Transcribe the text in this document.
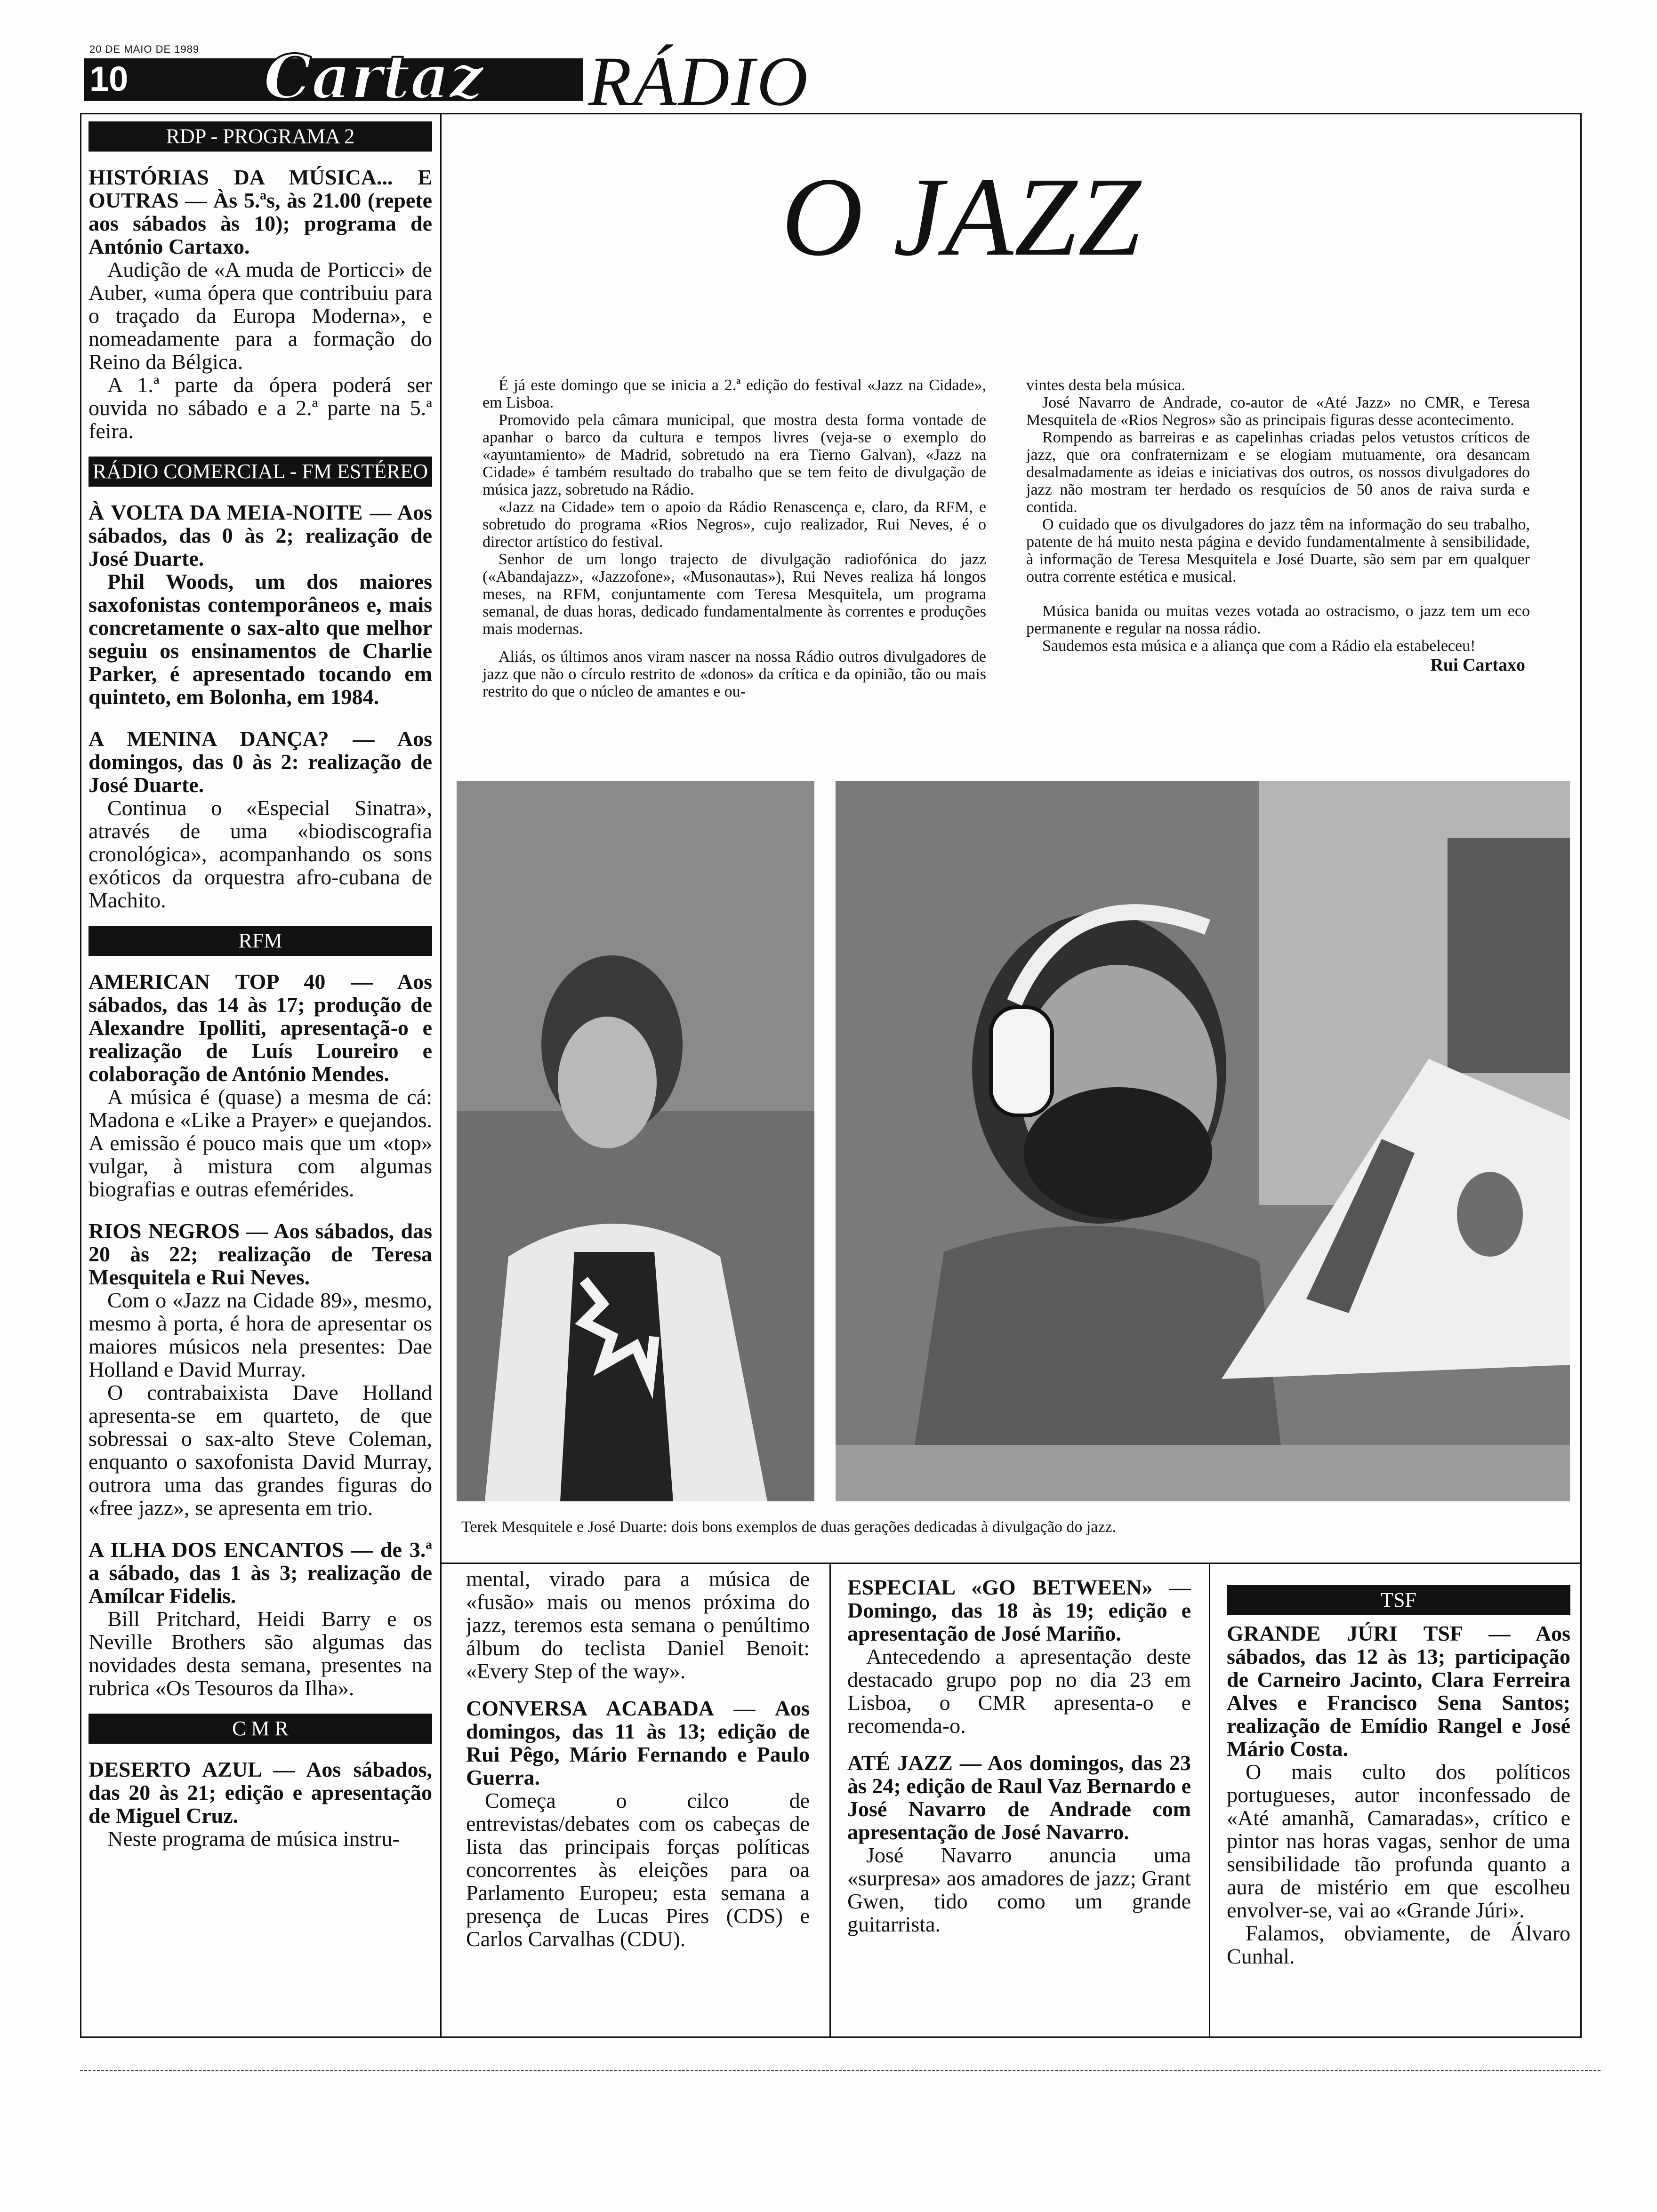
20 DE MAIO DE 1989
10 Cartaz RÁDIO
RDP - PROGRAMA 2

HISTÓRIAS DA MÚSICA... E OUTRAS — Às 5.ªs, às 21.00 (repete aos sábados às 10); programa de António Cartaxo.

Audição de «A muda de Porticci» de Auber, «uma ópera que contribuiu para o traçado da Europa Moderna», e nomeadamente para a formação do Reino da Bélgica.

A 1.ª parte da ópera poderá ser ouvida no sábado e a 2.ª parte na 5.ª feira.

RÁDIO COMERCIAL - FM ESTÉREO

À VOLTA DA MEIA-NOITE — Aos sábados, das 0 às 2; realização de José Duarte.

Phil Woods, um dos maiores saxofonistas contemporâneos e, mais concretamente o sax-alto que melhor seguiu os ensinamentos de Charlie Parker, é apresentado tocando em quinteto, em Bolonha, em 1984.

A MENINA DANÇA? — Aos domingos, das 0 às 2: realização de José Duarte.

Continua o «Especial Sinatra», através de uma «biodiscografia cronológica», acompanhando os sons exóticos da orquestra afro-cubana de Machito.

RFM

AMERICAN TOP 40 — Aos sábados, das 14 às 17; produção de Alexandre Ipolliti, apresentaçã-o e realização de Luís Loureiro e colaboração de António Mendes.

A música é (quase) a mesma de cá: Madona e «Like a Prayer» e quejandos. A emissão é pouco mais que um «top» vulgar, à mistura com algumas biografias e outras efemérides.

RIOS NEGROS — Aos sábados, das 20 às 22; realização de Teresa Mesquitela e Rui Neves.

Com o «Jazz na Cidade 89», mesmo, mesmo à porta, é hora de apresentar os maiores músicos nela presentes: Dae Holland e David Murray.

O contrabaixista Dave Holland apresenta-se em quarteto, de que sobressai o sax-alto Steve Coleman, enquanto o saxofonista David Murray, outrora uma das grandes figuras do «free jazz», se apresenta em trio.

A ILHA DOS ENCANTOS — de 3.ª a sábado, das 1 às 3; realização de Amílcar Fidelis.

Bill Pritchard, Heidi Barry e os Neville Brothers são algumas das novidades desta semana, presentes na rubrica «Os Tesouros da Ilha».

C M R

DESERTO AZUL — Aos sábados, das 20 às 21; edição e apresentação de Miguel Cruz.

Neste programa de música instru-

O JAZZ

É já este domingo que se inicia a 2.ª edição do festival «Jazz na Cidade», em Lisboa.

Promovido pela câmara municipal, que mostra desta forma vontade de apanhar o barco da cultura e tempos livres (veja-se o exemplo do «ayuntamiento» de Madrid, sobretudo na era Tierno Galvan), «Jazz na Cidade» é também resultado do trabalho que se tem feito de divulgação de música jazz, sobretudo na Rádio.

«Jazz na Cidade» tem o apoio da Rádio Renascença e, claro, da RFM, e sobretudo do programa «Rios Negros», cujo realizador, Rui Neves, é o director artístico do festival.

Senhor de um longo trajecto de divulgação radiofónica do jazz («Abandajazz», «Jazzofone», «Musonautas»), Rui Neves realiza há longos meses, na RFM, conjuntamente com Teresa Mesquitela, um programa semanal, de duas horas, dedicado fundamentalmente às correntes e produções mais modernas.

Aliás, os últimos anos viram nascer na nossa Rádio outros divulgadores de jazz que não o círculo restrito de «donos» da crítica e da opinião, tão ou mais restrito do que o núcleo de amantes e ou-

vintes desta bela música.

José Navarro de Andrade, co-autor de «Até Jazz» no CMR, e Teresa Mesquitela de «Rios Negros» são as principais figuras desse acontecimento.

Rompendo as barreiras e as capelinhas criadas pelos vetustos críticos de jazz, que ora confraternizam e se elogiam mutuamente, ora desancam desalmadamente as ideias e iniciativas dos outros, os nossos divulgadores do jazz não mostram ter herdado os resquícios de 50 anos de raiva surda e contida.

O cuidado que os divulgadores do jazz têm na informação do seu trabalho, patente de há muito nesta página e devido fundamentalmente à sensibilidade, à informação de Teresa Mesquitela e José Duarte, são sem par em qualquer outra corrente estética e musical.

Música banida ou muitas vezes votada ao ostracismo, o jazz tem um eco permanente e regular na nossa rádio.

Saudemos esta música e a aliança que com a Rádio ela estabeleceu!

Rui Cartaxo
Terek Mesquitele e José Duarte: dois bons exemplos de duas gerações dedicadas à divulgação do jazz.

mental, virado para a música de «fusão» mais ou menos próxima do jazz, teremos esta semana o penúltimo álbum do teclista Daniel Benoit: «Every Step of the way».

CONVERSA ACABADA — Aos domingos, das 11 às 13; edição de Rui Pêgo, Mário Fernando e Paulo Guerra.

Começa o cilco de entrevistas/debates com os cabeças de lista das principais forças políticas concorrentes às eleições para oa Parlamento Europeu; esta semana a presença de Lucas Pires (CDS) e Carlos Carvalhas (CDU).

ESPECIAL «GO BETWEEN» — Domingo, das 18 às 19; edição e apresentação de José Mariño.

Antecedendo a apresentação deste destacado grupo pop no dia 23 em Lisboa, o CMR apresenta-o e recomenda-o.

ATÉ JAZZ — Aos domingos, das 23 às 24; edição de Raul Vaz Bernardo e José Navarro de Andrade com apresentação de José Navarro.

José Navarro anuncia uma «surpresa» aos amadores de jazz; Grant Gwen, tido como um grande guitarrista.

TSF

GRANDE JÚRI TSF — Aos sábados, das 12 às 13; participação de Carneiro Jacinto, Clara Ferreira Alves e Francisco Sena Santos; realização de Emídio Rangel e José Mário Costa.

O mais culto dos políticos portugueses, autor inconfessado de «Até amanhã, Camaradas», crítico e pintor nas horas vagas, senhor de uma sensibilidade tão profunda quanto a aura de mistério em que escolheu envolver-se, vai ao «Grande Júri».

Falamos, obviamente, de Álvaro Cunhal.
